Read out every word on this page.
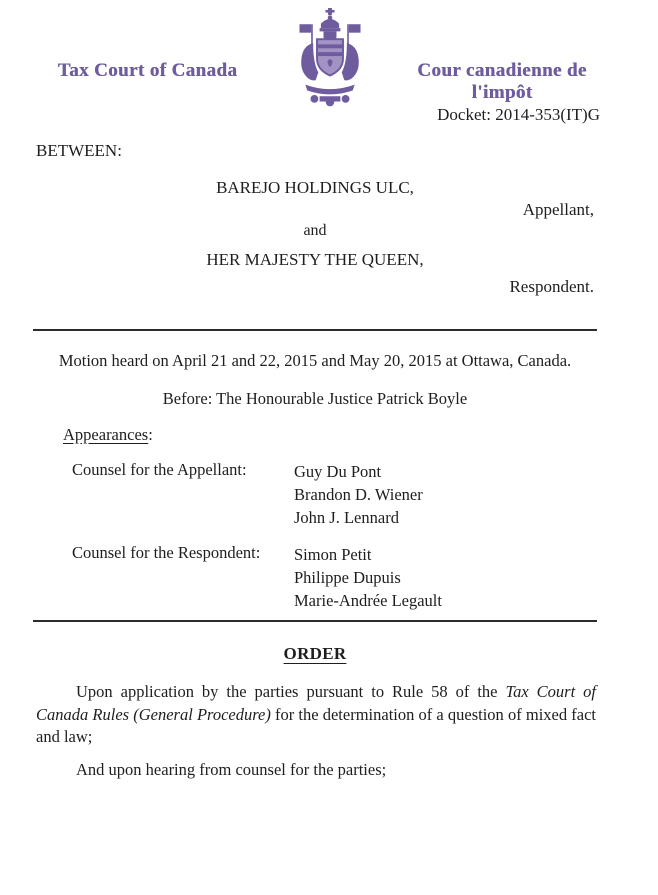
Tax Court of Canada	Cour canadienne de l'impôt
Docket: 2014-353(IT)G
BETWEEN:
BAREJO HOLDINGS ULC,
Appellant,
and
HER MAJESTY THE QUEEN,
Respondent.
Motion heard on April 21 and 22, 2015 and May 20, 2015 at Ottawa, Canada.
Before: The Honourable Justice Patrick Boyle
Appearances:
Counsel for the Appellant:	Guy Du Pont
Brandon D. Wiener
John J. Lennard
Counsel for the Respondent: Simon Petit
Philippe Dupuis
Marie-Andrée Legault
ORDER

Upon application by the parties pursuant to Rule 58 of the Tax Court of Canada Rules (General Procedure) for the determination of a question of mixed fact and law;

And upon hearing from counsel for the parties;
